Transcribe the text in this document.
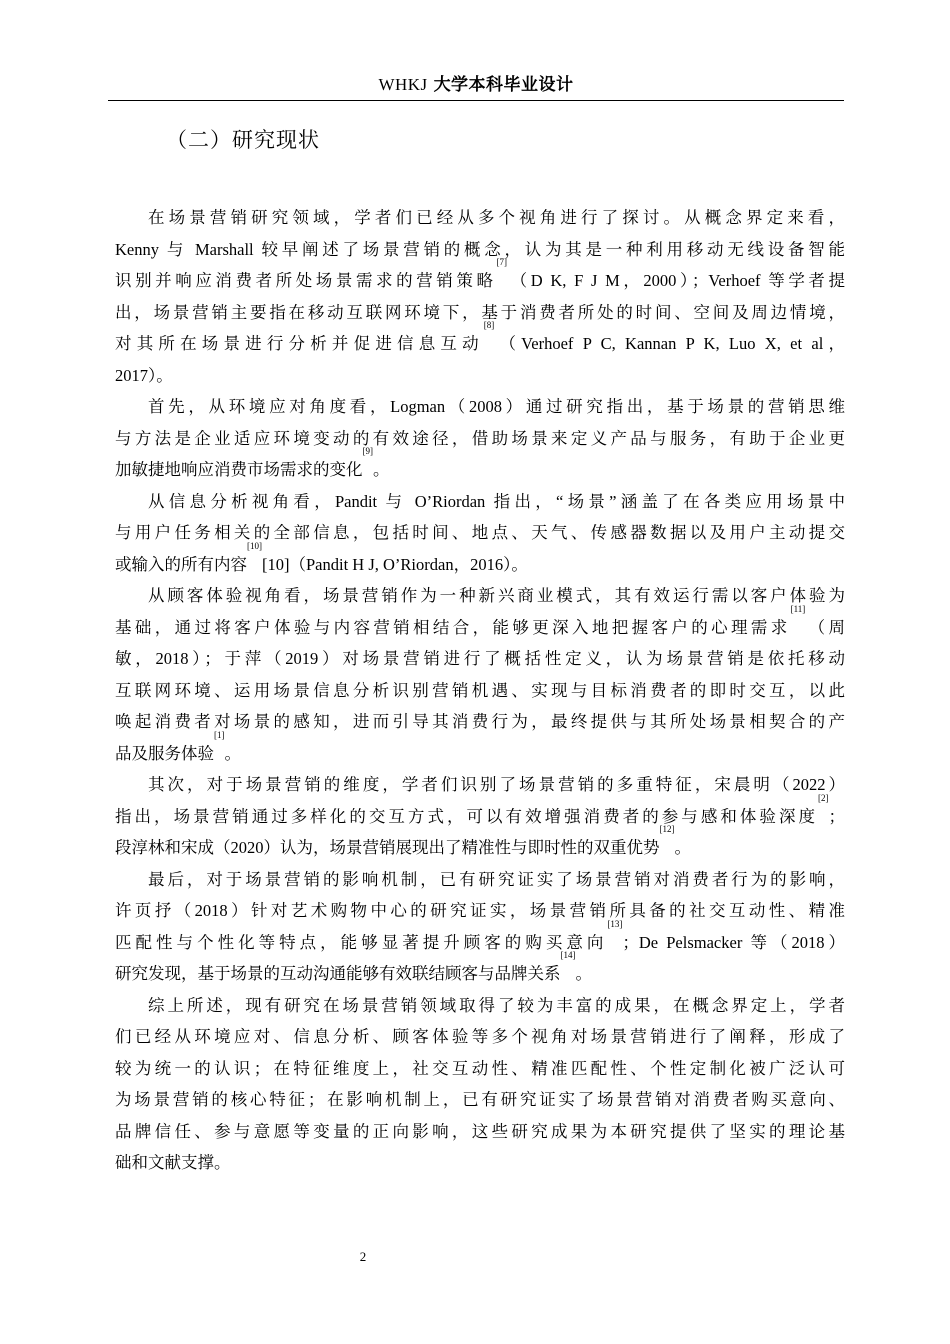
WHKJ 大学本科毕业设计
（二）研究现状
在场景营销研究领域，学者们已经从多个视角进行了探讨。从概念界定来看，
Kenny 与 Marshall 较早阐述了场景营销的概念，认为其是一种利用移动无线设备智能
识别并响应消费者所处场景需求的营销策略[7]（D K, F J M，2000）；Verhoef 等学者提
出，场景营销主要指在移动互联网环境下，基于消费者所处的时间、空间及周边情境，
对其所在场景进行分析并促进信息互动[8]（Verhoef P C, Kannan P K, Luo X, et al，
2017）。
首先，从环境应对角度看，Logman（2008）通过研究指出，基于场景的营销思维
与方法是企业适应环境变动的有效途径，借助场景来定义产品与服务，有助于企业更
加敏捷地响应消费市场需求的变化[9]。
从信息分析视角看，Pandit 与 O’Riordan 指出，“场景”涵盖了在各类应用场景中
与用户任务相关的全部信息，包括时间、地点、天气、传感器数据以及用户主动提交
或输入的所有内容[10][10]（Pandit H J, O’Riordan，2016）。
从顾客体验视角看，场景营销作为一种新兴商业模式，其有效运行需以客户体验为
基础，通过将客户体验与内容营销相结合，能够更深入地把握客户的心理需求[11]（周
敏，2018）；于萍（2019）对场景营销进行了概括性定义，认为场景营销是依托移动
互联网环境、运用场景信息分析识别营销机遇、实现与目标消费者的即时交互，以此
唤起消费者对场景的感知，进而引导其消费行为，最终提供与其所处场景相契合的产
品及服务体验[1]。
其次，对于场景营销的维度，学者们识别了场景营销的多重特征，宋晨明（2022）
指出，场景营销通过多样化的交互方式，可以有效增强消费者的参与感和体验深度[2]；
段淳林和宋成（2020）认为，场景营销展现出了精准性与即时性的双重优势[12]。
最后，对于场景营销的影响机制，已有研究证实了场景营销对消费者行为的影响，
许页抒（2018）针对艺术购物中心的研究证实，场景营销所具备的社交互动性、精准
匹配性与个性化等特点，能够显著提升顾客的购买意向[13]；De Pelsmacker 等（2018）
研究发现，基于场景的互动沟通能够有效联结顾客与品牌关系[14]。
综上所述，现有研究在场景营销领域取得了较为丰富的成果，在概念界定上，学者
们已经从环境应对、信息分析、顾客体验等多个视角对场景营销进行了阐释，形成了
较为统一的认识；在特征维度上，社交互动性、精准匹配性、个性定制化被广泛认可
为场景营销的核心特征；在影响机制上，已有研究证实了场景营销对消费者购买意向、
品牌信任、参与意愿等变量的正向影响，这些研究成果为本研究提供了坚实的理论基
础和文献支撑。
2
